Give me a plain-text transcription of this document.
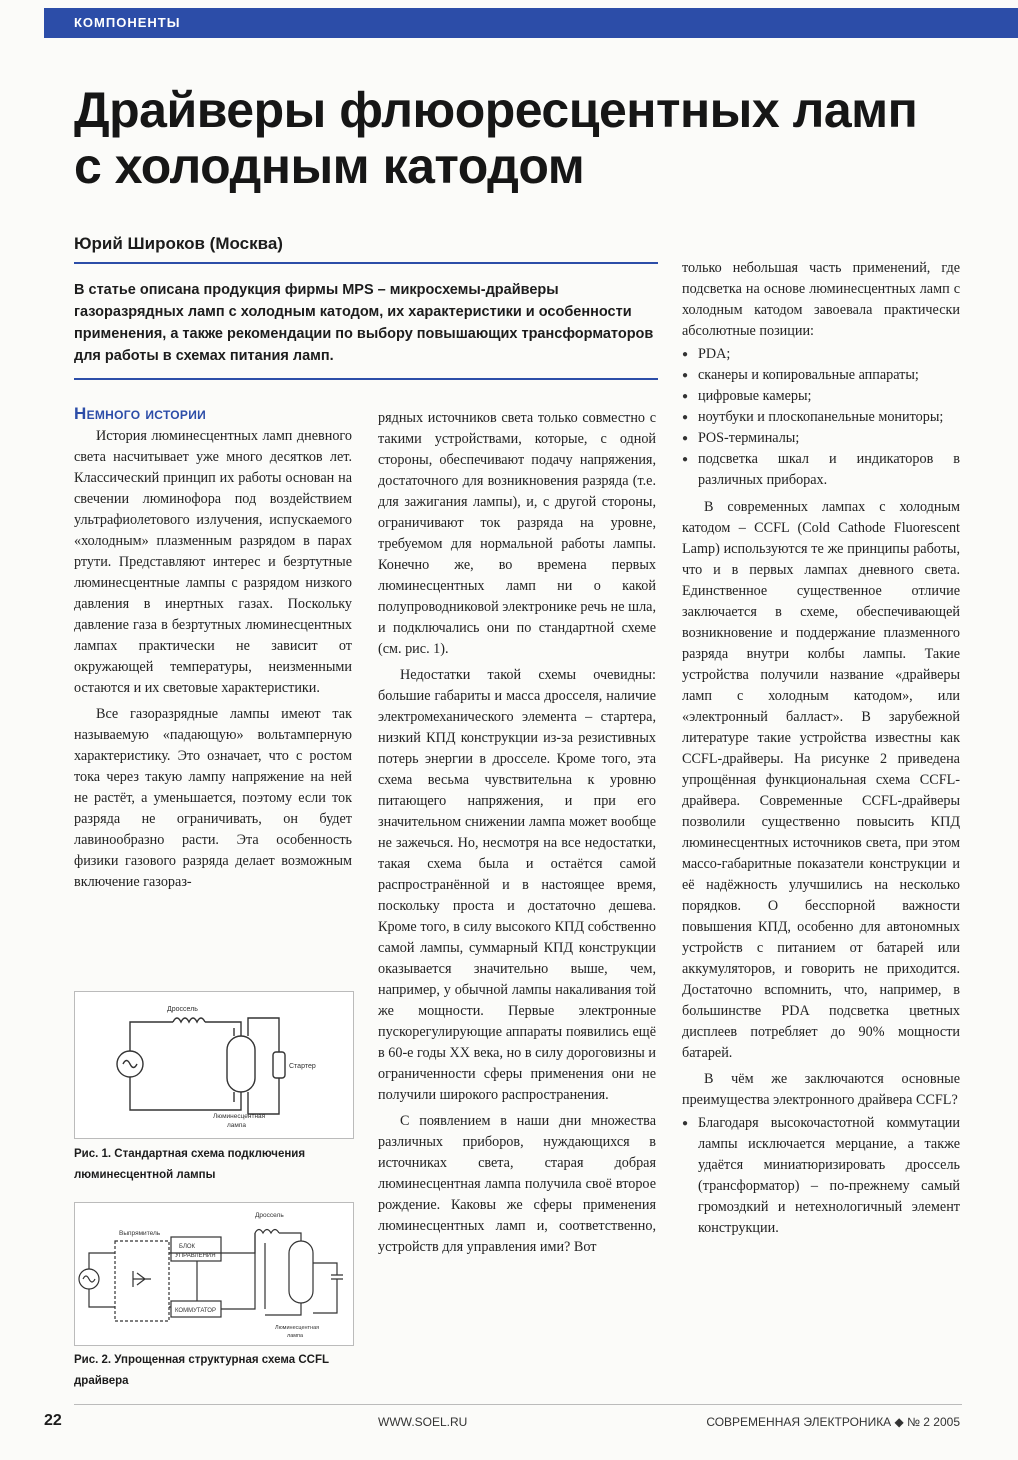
КОМПОНЕНТЫ
Драйверы флюоресцентных ламп
с холодным катодом
Юрий Широков (Москва)

В статье описана продукция фирмы MPS – микросхемы-драйверы газоразрядных ламп с холодным катодом, их характеристики и особенности применения, а также рекомендации по выбору повышающих трансформаторов для работы в схемах питания ламп.

Немного истории

История люминесцентных ламп дневного света насчитывает уже много десятков лет. Классический принцип их работы основан на свечении люминофора под воздействием ультрафиолетового излучения, испускаемого «холодным» плазменным разрядом в парах ртути. Представляют интерес и безртутные люминесцентные лампы с разрядом низкого давления в инертных газах. Поскольку давление газа в безртутных люминесцентных лампах практически не зависит от окружающей температуры, неизменными остаются и их световые характеристики.

Все газоразрядные лампы имеют так называемую «падающую» вольтамперную характеристику. Это означает, что с ростом тока через такую лампу напряжение на ней не растёт, а уменьшается, поэтому если ток разряда не ограничивать, он будет лавинообразно расти. Эта особенность физики газового разряда делает возможным включение газораз-

Дроссель
Стартер
Люминесцентная
лампа
Рис. 1. Стандартная схема подключения люминесцентной лампы
Выпрямитель
Дроссель
БЛОК
УПРАВЛЕНИЯ
КОММУТАТОР
Люминесцентная
лампа
Рис. 2. Упрощенная структурная схема CCFL драйвера

рядных источников света только совместно с такими устройствами, которые, с одной стороны, обеспечивают подачу напряжения, достаточного для возникновения разряда (т.е. для зажигания лампы), и, с другой стороны, ограничивают ток разряда на уровне, требуемом для нормальной работы лампы. Конечно же, во времена первых люминесцентных ламп ни о какой полупроводниковой электронике речь не шла, и подключались они по стандартной схеме (см. рис. 1).

Недостатки такой схемы очевидны: большие габариты и масса дросселя, наличие электромеханического элемента – стартера, низкий КПД конструкции из-за резистивных потерь энергии в дросселе. Кроме того, эта схема весьма чувствительна к уровню питающего напряжения, и при его значительном снижении лампа может вообще не зажечься. Но, несмотря на все недостатки, такая схема была и остаётся самой распространённой и в настоящее время, поскольку проста и достаточно дешева. Кроме того, в силу высокого КПД собственно самой лампы, суммарный КПД конструкции оказывается значительно выше, чем, например, у обычной лампы накаливания той же мощности. Первые электронные пускорегулирующие аппараты появились ещё в 60-е годы XX века, но в силу дороговизны и ограниченности сферы применения они не получили широкого распространения.

С появлением в наши дни множества различных приборов, нуждающихся в источниках света, старая добрая люминесцентная лампа получила своё второе рождение. Каковы же сферы применения люминесцентных ламп и, соответственно, устройств для управления ими? Вот

только небольшая часть применений, где подсветка на основе люминесцентных ламп с холодным катодом завоевала практически абсолютные позиции:

● PDA;
● сканеры и копировальные аппараты;
● цифровые камеры;
● ноутбуки и плоскопанельные мониторы;
● POS-терминалы;
● подсветка шкал и индикаторов в различных приборах.

В современных лампах с холодным катодом – CCFL (Cold Cathode Fluorescent Lamp) используются те же принципы работы, что и в первых лампах дневного света. Единственное существенное отличие заключается в схеме, обеспечивающей возникновение и поддержание плазменного разряда внутри колбы лампы. Такие устройства получили название «драйверы ламп с холодным катодом», или «электронный балласт». В зарубежной литературе такие устройства известны как CCFL-драйверы. На рисунке 2 приведена упрощённая функциональная схема CCFL-драйвера. Современные CCFL-драйверы позволили существенно повысить КПД люминесцентных источников света, при этом массо-габаритные показатели конструкции и её надёжность улучшились на несколько порядков. О бесспорной важности повышения КПД, особенно для автономных устройств с питанием от батарей или аккумуляторов, и говорить не приходится. Достаточно вспомнить, что, например, в большинстве PDA подсветка цветных дисплеев потребляет до 90% мощности батарей.

В чём же заключаются основные преимущества электронного драйвера CCFL?

● Благодаря высокочастотной коммутации лампы исключается мерцание, а также удаётся миниатюризировать дроссель (трансформатор) – по-прежнему самый громоздкий и нетехнологичный элемент конструкции.
22	WWW.SOEL.RU	СОВРЕМЕННАЯ ЭЛЕКТРОНИКА ◆ № 2 2005
